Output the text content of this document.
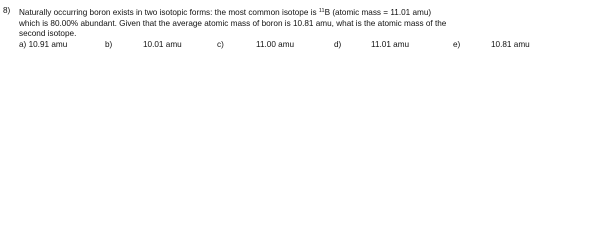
8)	Naturally occurring boron exists in two isotopic forms: the most common isotope is $^{11}$B (atomic mass = 11.01 amu)
which is 80.00% abundant. Given that the average atomic mass of boron is 10.81 amu, what is the atomic mass of the
second isotope.
a) 10.91 amu	b)	10.01 amu	c)	11.00 amu	d)	11.01 amu	e)	10.81 amu
